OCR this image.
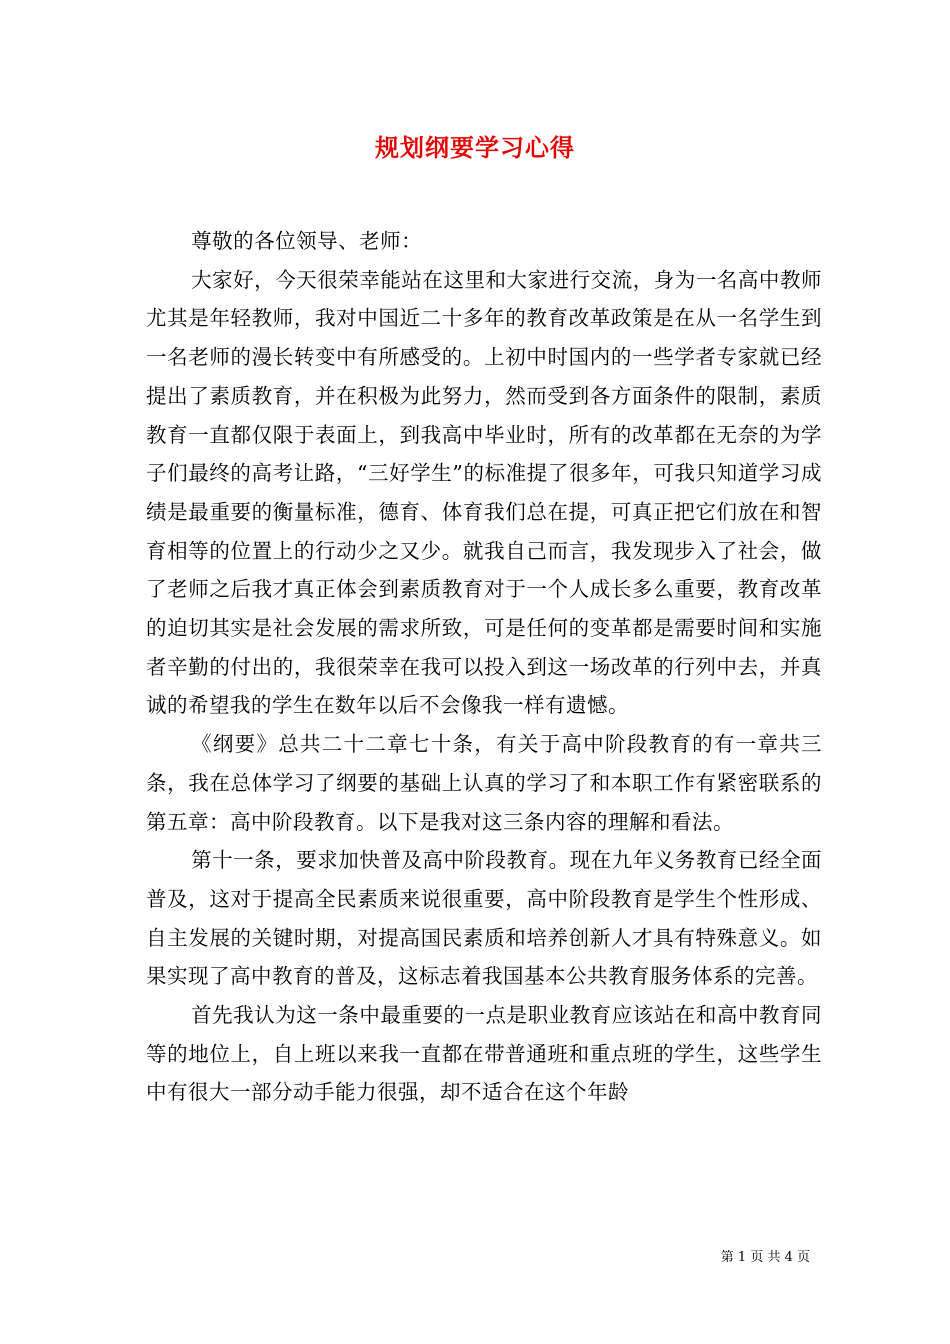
规划纲要学习心得

尊敬的各位领导、老师：

大家好，今天很荣幸能站在这里和大家进行交流，身为一名高中教师尤其是年轻教师，我对中国近二十多年的教育改革政策是在从一名学生到一名老师的漫长转变中有所感受的。上初中时国内的一些学者专家就已经提出了素质教育，并在积极为此努力，然而受到各方面条件的限制，素质教育一直都仅限于表面上，到我高中毕业时，所有的改革都在无奈的为学子们最终的高考让路，“三好学生”的标准提了很多年，可我只知道学习成绩是最重要的衡量标准，德育、体育我们总在提，可真正把它们放在和智育相等的位置上的行动少之又少。就我自己而言，我发现步入了社会，做了老师之后我才真正体会到素质教育对于一个人成长多么重要，教育改革的迫切其实是社会发展的需求所致，可是任何的变革都是需要时间和实施者辛勤的付出的，我很荣幸在我可以投入到这一场改革的行列中去，并真诚的希望我的学生在数年以后不会像我一样有遗憾。

《纲要》总共二十二章七十条，有关于高中阶段教育的有一章共三条，我在总体学习了纲要的基础上认真的学习了和本职工作有紧密联系的第五章：高中阶段教育。以下是我对这三条内容的理解和看法。

第十一条，要求加快普及高中阶段教育。现在九年义务教育已经全面普及，这对于提高全民素质来说很重要，高中阶段教育是学生个性形成、自主发展的关键时期，对提高国民素质和培养创新人才具有特殊意义。如果实现了高中教育的普及，这标志着我国基本公共教育服务体系的完善。

首先我认为这一条中最重要的一点是职业教育应该站在和高中教育同等的地位上，自上班以来我一直都在带普通班和重点班的学生，这些学生中有很大一部分动手能力很强，却不适合在这个年龄

第 1 页 共 4 页
